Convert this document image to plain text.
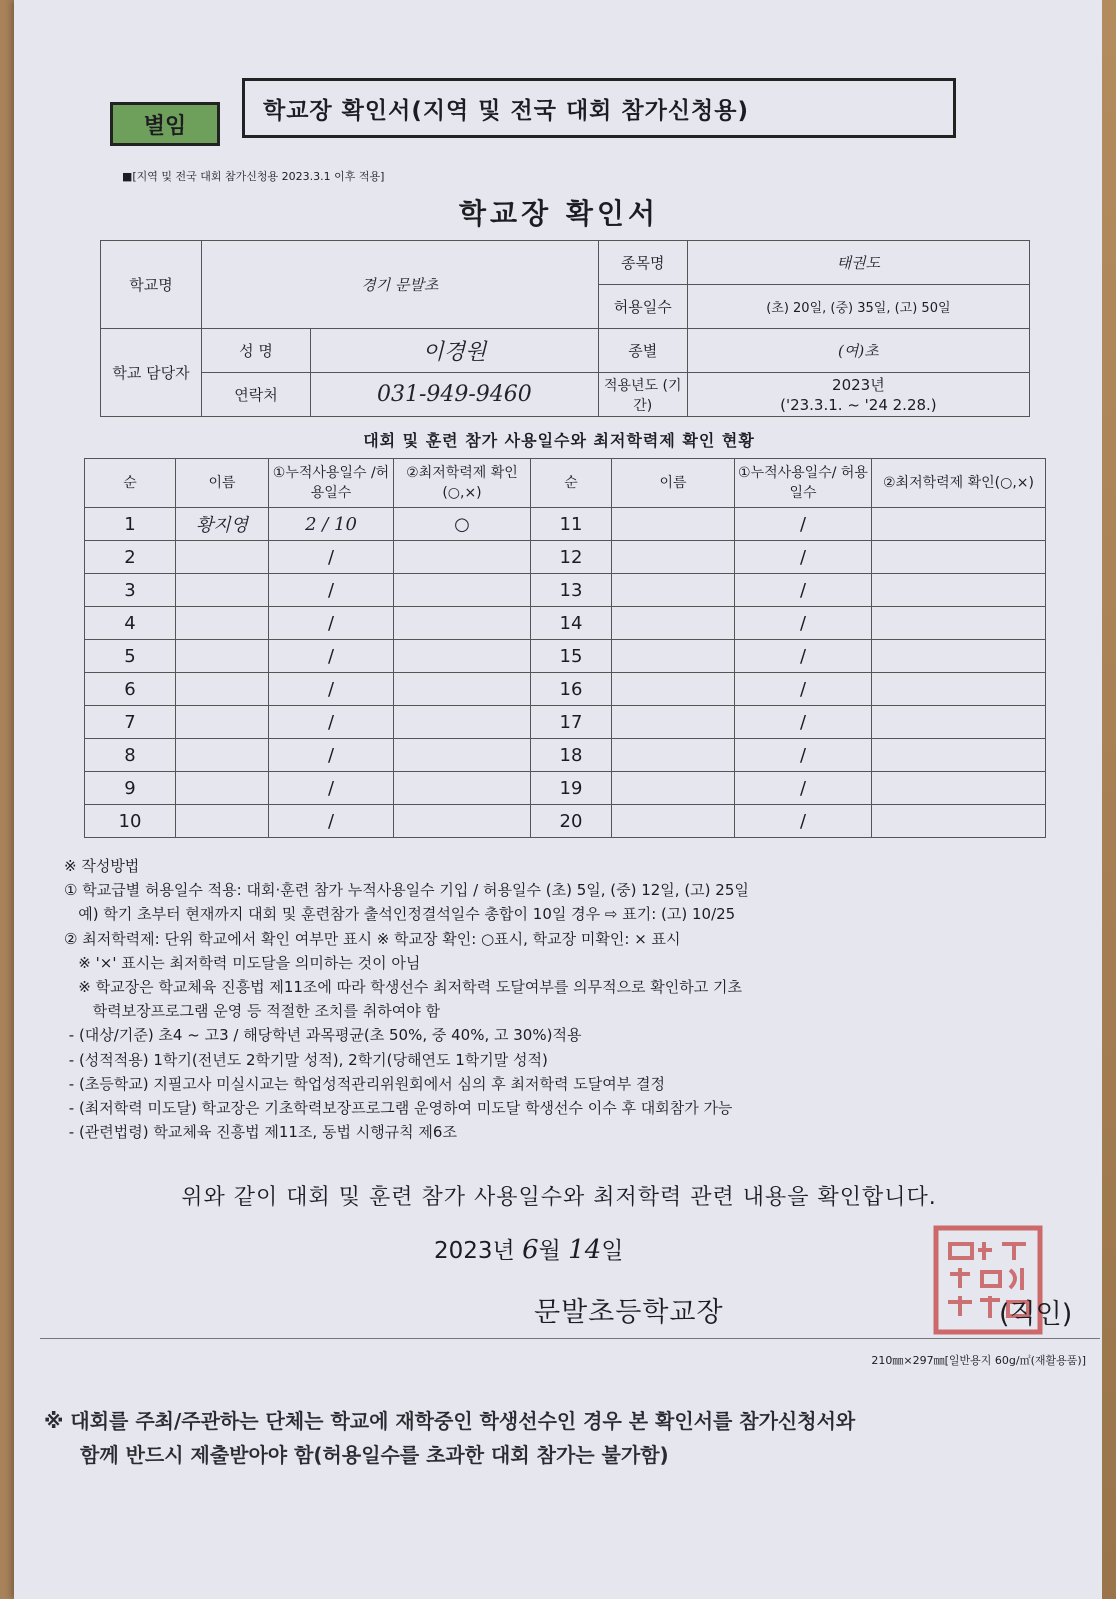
별임
학교장 확인서(지역 및 전국 대회 참가신청용)
■[지역 및 전국 대회 참가신청용 2023.3.1 이후 적용]
학교장 확인서
학교명	경기 문발초		종목명	태권도
			허용일수	(초) 20일, (중) 35일, (고) 50일
학교 담당자	성 명	이경원	종별	(여)초
	연락처	031-949-9460	적용년도 (기간)	2023년
('23.3.1. ~ '24 2.28.)
대회 및 훈련 참가 사용일수와 최저학력제 확인 현황
순	이름	①누적사용일수 /허용일수	②최저학력제 확인(○,×)	순	이름	①누적사용일수/ 허용일수	②최저학력제 확인(○,×)
1	황지영	2 / 10	○	11		/	
2		/		12		/	
3		/		13		/	
4		/		14		/	
5		/		15		/	
6		/		16		/	
7		/		17		/	
8		/		18		/	
9		/		19		/	
10		/		20		/	
※ 작성방법
① 학교급별 허용일수 적용: 대회·훈련 참가 누적사용일수 기입 / 허용일수 (초) 5일, (중) 12일, (고) 25일
예) 학기 초부터 현재까지 대회 및 훈련참가 출석인정결석일수 총합이 10일 경우 ⇨ 표기: (고) 10/25
② 최저학력제: 단위 학교에서 확인 여부만 표시 ※ 학교장 확인: ○표시, 학교장 미확인: × 표시
※ '×' 표시는 최저학력 미도달을 의미하는 것이 아님
※ 학교장은 학교체육 진흥법 제11조에 따라 학생선수 최저학력 도달여부를 의무적으로 확인하고 기초
학력보장프로그램 운영 등 적절한 조치를 취하여야 함
- (대상/기준) 초4 ~ 고3 / 해당학년 과목평균(초 50%, 중 40%, 고 30%)적용
- (성적적용) 1학기(전년도 2학기말 성적), 2학기(당해연도 1학기말 성적)
- (초등학교) 지필고사 미실시교는 학업성적관리위원회에서 심의 후 최저학력 도달여부 결정
- (최저학력 미도달) 학교장은 기초학력보장프로그램 운영하여 미도달 학생선수 이수 후 대회참가 가능
- (관련법령) 학교체육 진흥법 제11조, 동법 시행규칙 제6조
위와 같이 대회 및 훈련 참가 사용일수와 최저학력 관련 내용을 확인합니다.
2023년 6월 14일
문발초등학교장	(직인)
210㎜×297㎜[일반용지 60g/㎡(재활용품)]
※ 대회를 주최/주관하는 단체는 학교에 재학중인 학생선수인 경우 본 확인서를 참가신청서와
함께 반드시 제출받아야 함(허용일수를 초과한 대회 참가는 불가함)
